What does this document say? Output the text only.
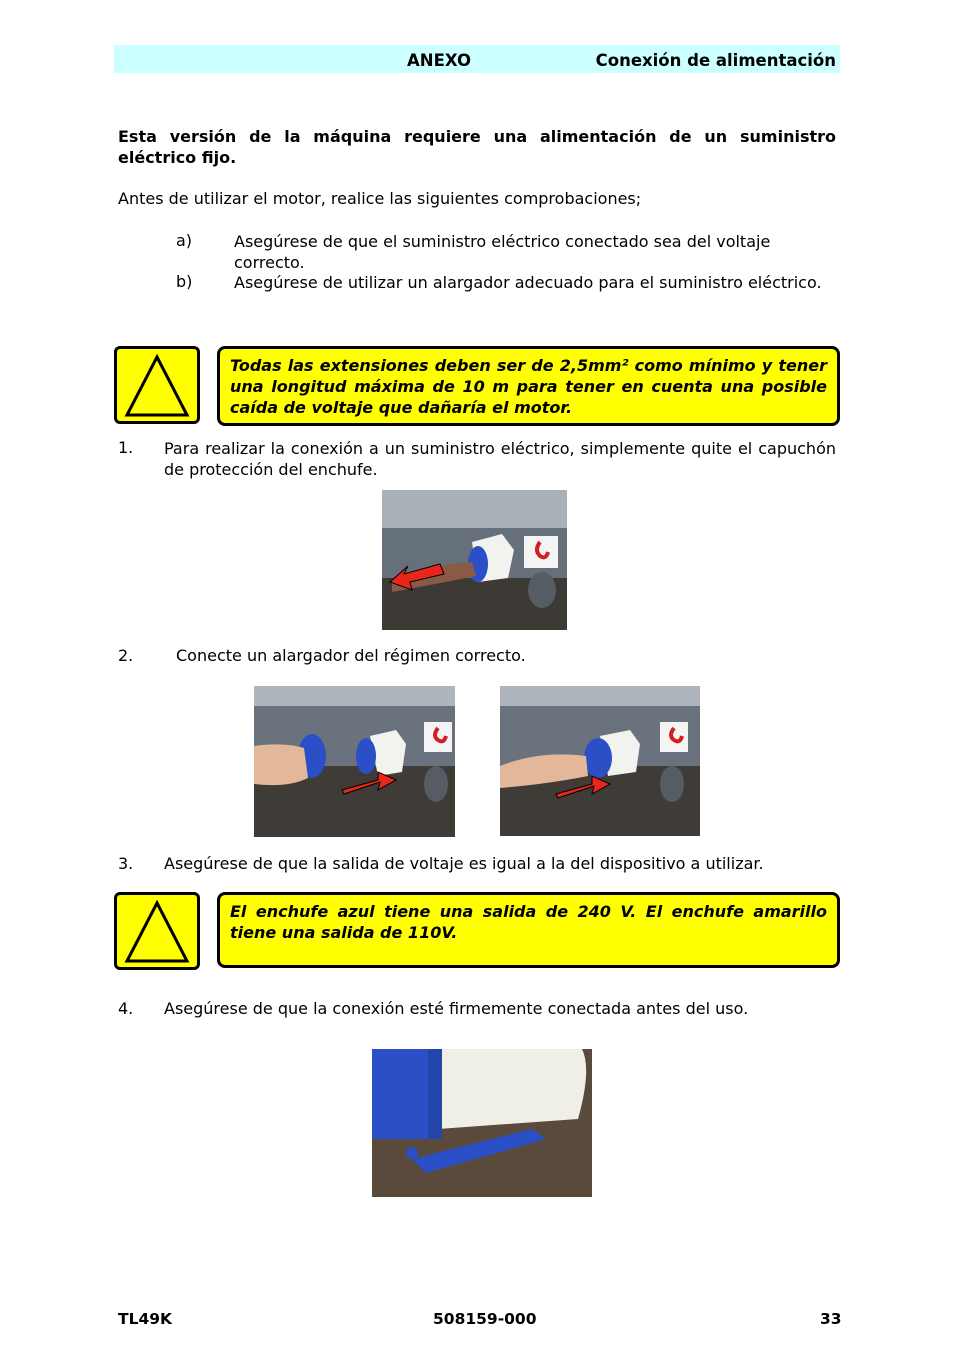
ANEXO	Conexión de alimentación
Esta versión de la máquina requiere una alimentación de un suministro eléctrico fijo.
Antes de utilizar el motor, realice las siguientes comprobaciones;
a)	Asegúrese de que el suministro eléctrico conectado sea del voltaje correcto.
b)	Asegúrese de utilizar un alargador adecuado para el suministro eléctrico.
Todas las extensiones deben ser de 2,5mm² como mínimo y tener una longitud máxima de 10 m para tener en cuenta una posible caída de voltaje que dañaría el motor.
1. Para realizar la conexión a un suministro eléctrico, simplemente quite el capuchón de protección del enchufe.
2.	Conecte un alargador del régimen correcto.
3. Asegúrese de que la salida de voltaje es igual a la del dispositivo a utilizar.
El enchufe azul tiene una salida de 240 V. El enchufe amarillo tiene una salida de 110V.
4. Asegúrese de que la conexión esté firmemente conectada antes del uso.
TL49K	508159-000	33
